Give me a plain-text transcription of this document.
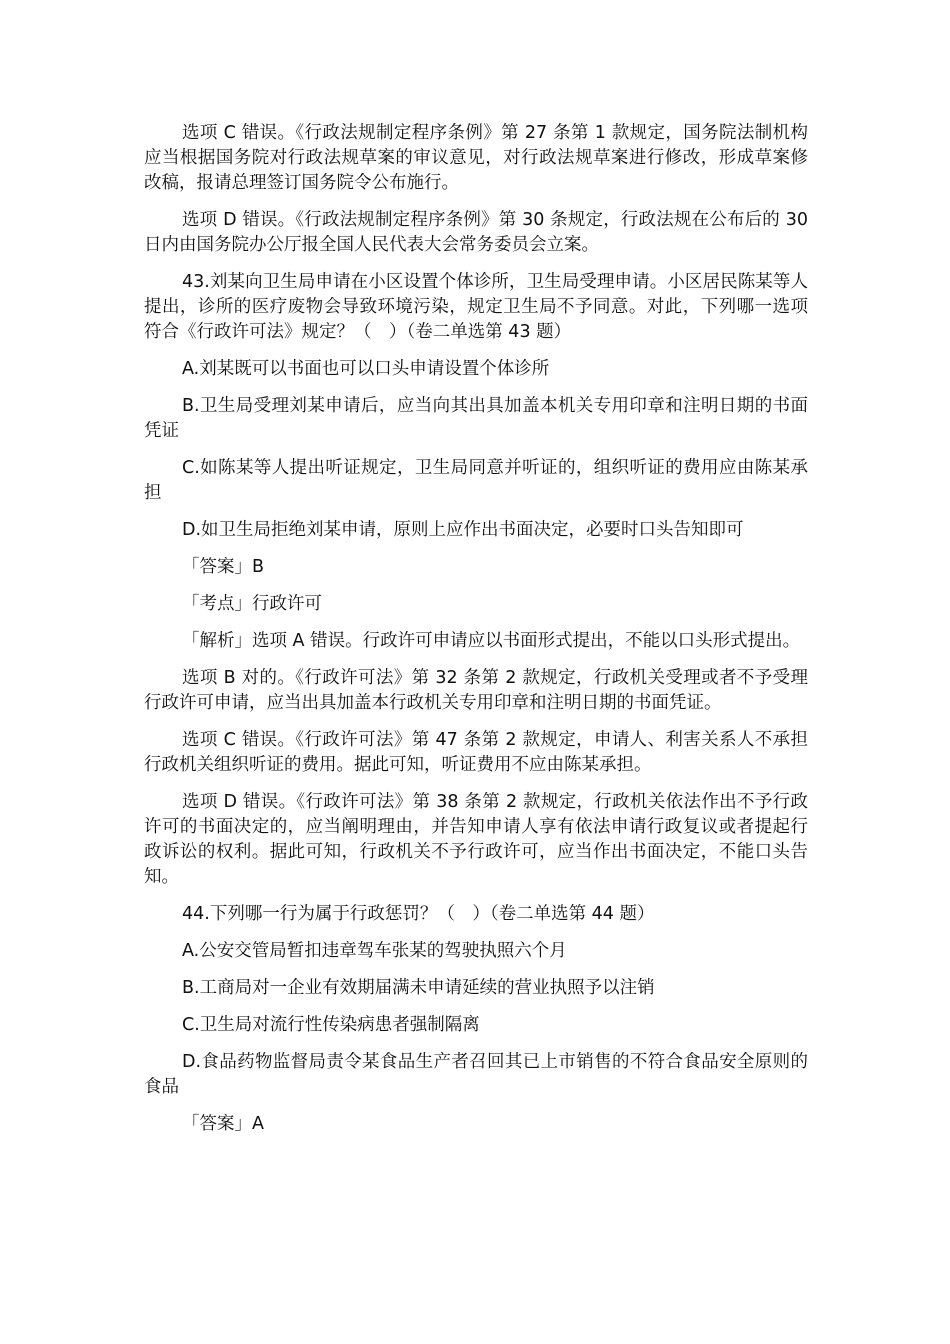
选项 C 错误。《行政法规制定程序条例》第 27 条第 1 款规定，国务院法制机构应当根据国务院对行政法规草案的审议意见，对行政法规草案进行修改，形成草案修改稿，报请总理签订国务院令公布施行。

选项 D 错误。《行政法规制定程序条例》第 30 条规定，行政法规在公布后的 30 日内由国务院办公厅报全国人民代表大会常务委员会立案。

43.刘某向卫生局申请在小区设置个体诊所，卫生局受理申请。小区居民陈某等人提出，诊所的医疗废物会导致环境污染，规定卫生局不予同意。对此，下列哪一选项符合《行政许可法》规定？（　）（卷二单选第 43 题）

A.刘某既可以书面也可以口头申请设置个体诊所

B.卫生局受理刘某申请后，应当向其出具加盖本机关专用印章和注明日期的书面凭证

C.如陈某等人提出听证规定，卫生局同意并听证的，组织听证的费用应由陈某承担

D.如卫生局拒绝刘某申请，原则上应作出书面决定，必要时口头告知即可

「答案」B

「考点」行政许可

「解析」选项 A 错误。行政许可申请应以书面形式提出，不能以口头形式提出。

选项 B 对的。《行政许可法》第 32 条第 2 款规定，行政机关受理或者不予受理行政许可申请，应当出具加盖本行政机关专用印章和注明日期的书面凭证。

选项 C 错误。《行政许可法》第 47 条第 2 款规定，申请人、利害关系人不承担行政机关组织听证的费用。据此可知，听证费用不应由陈某承担。

选项 D 错误。《行政许可法》第 38 条第 2 款规定，行政机关依法作出不予行政许可的书面决定的，应当阐明理由，并告知申请人享有依法申请行政复议或者提起行政诉讼的权利。据此可知，行政机关不予行政许可，应当作出书面决定，不能口头告知。

44.下列哪一行为属于行政惩罚？（　）（卷二单选第 44 题）

A.公安交管局暂扣违章驾车张某的驾驶执照六个月

B.工商局对一企业有效期届满未申请延续的营业执照予以注销

C.卫生局对流行性传染病患者强制隔离

D.食品药物监督局责令某食品生产者召回其已上市销售的不符合食品安全原则的食品

「答案」A
